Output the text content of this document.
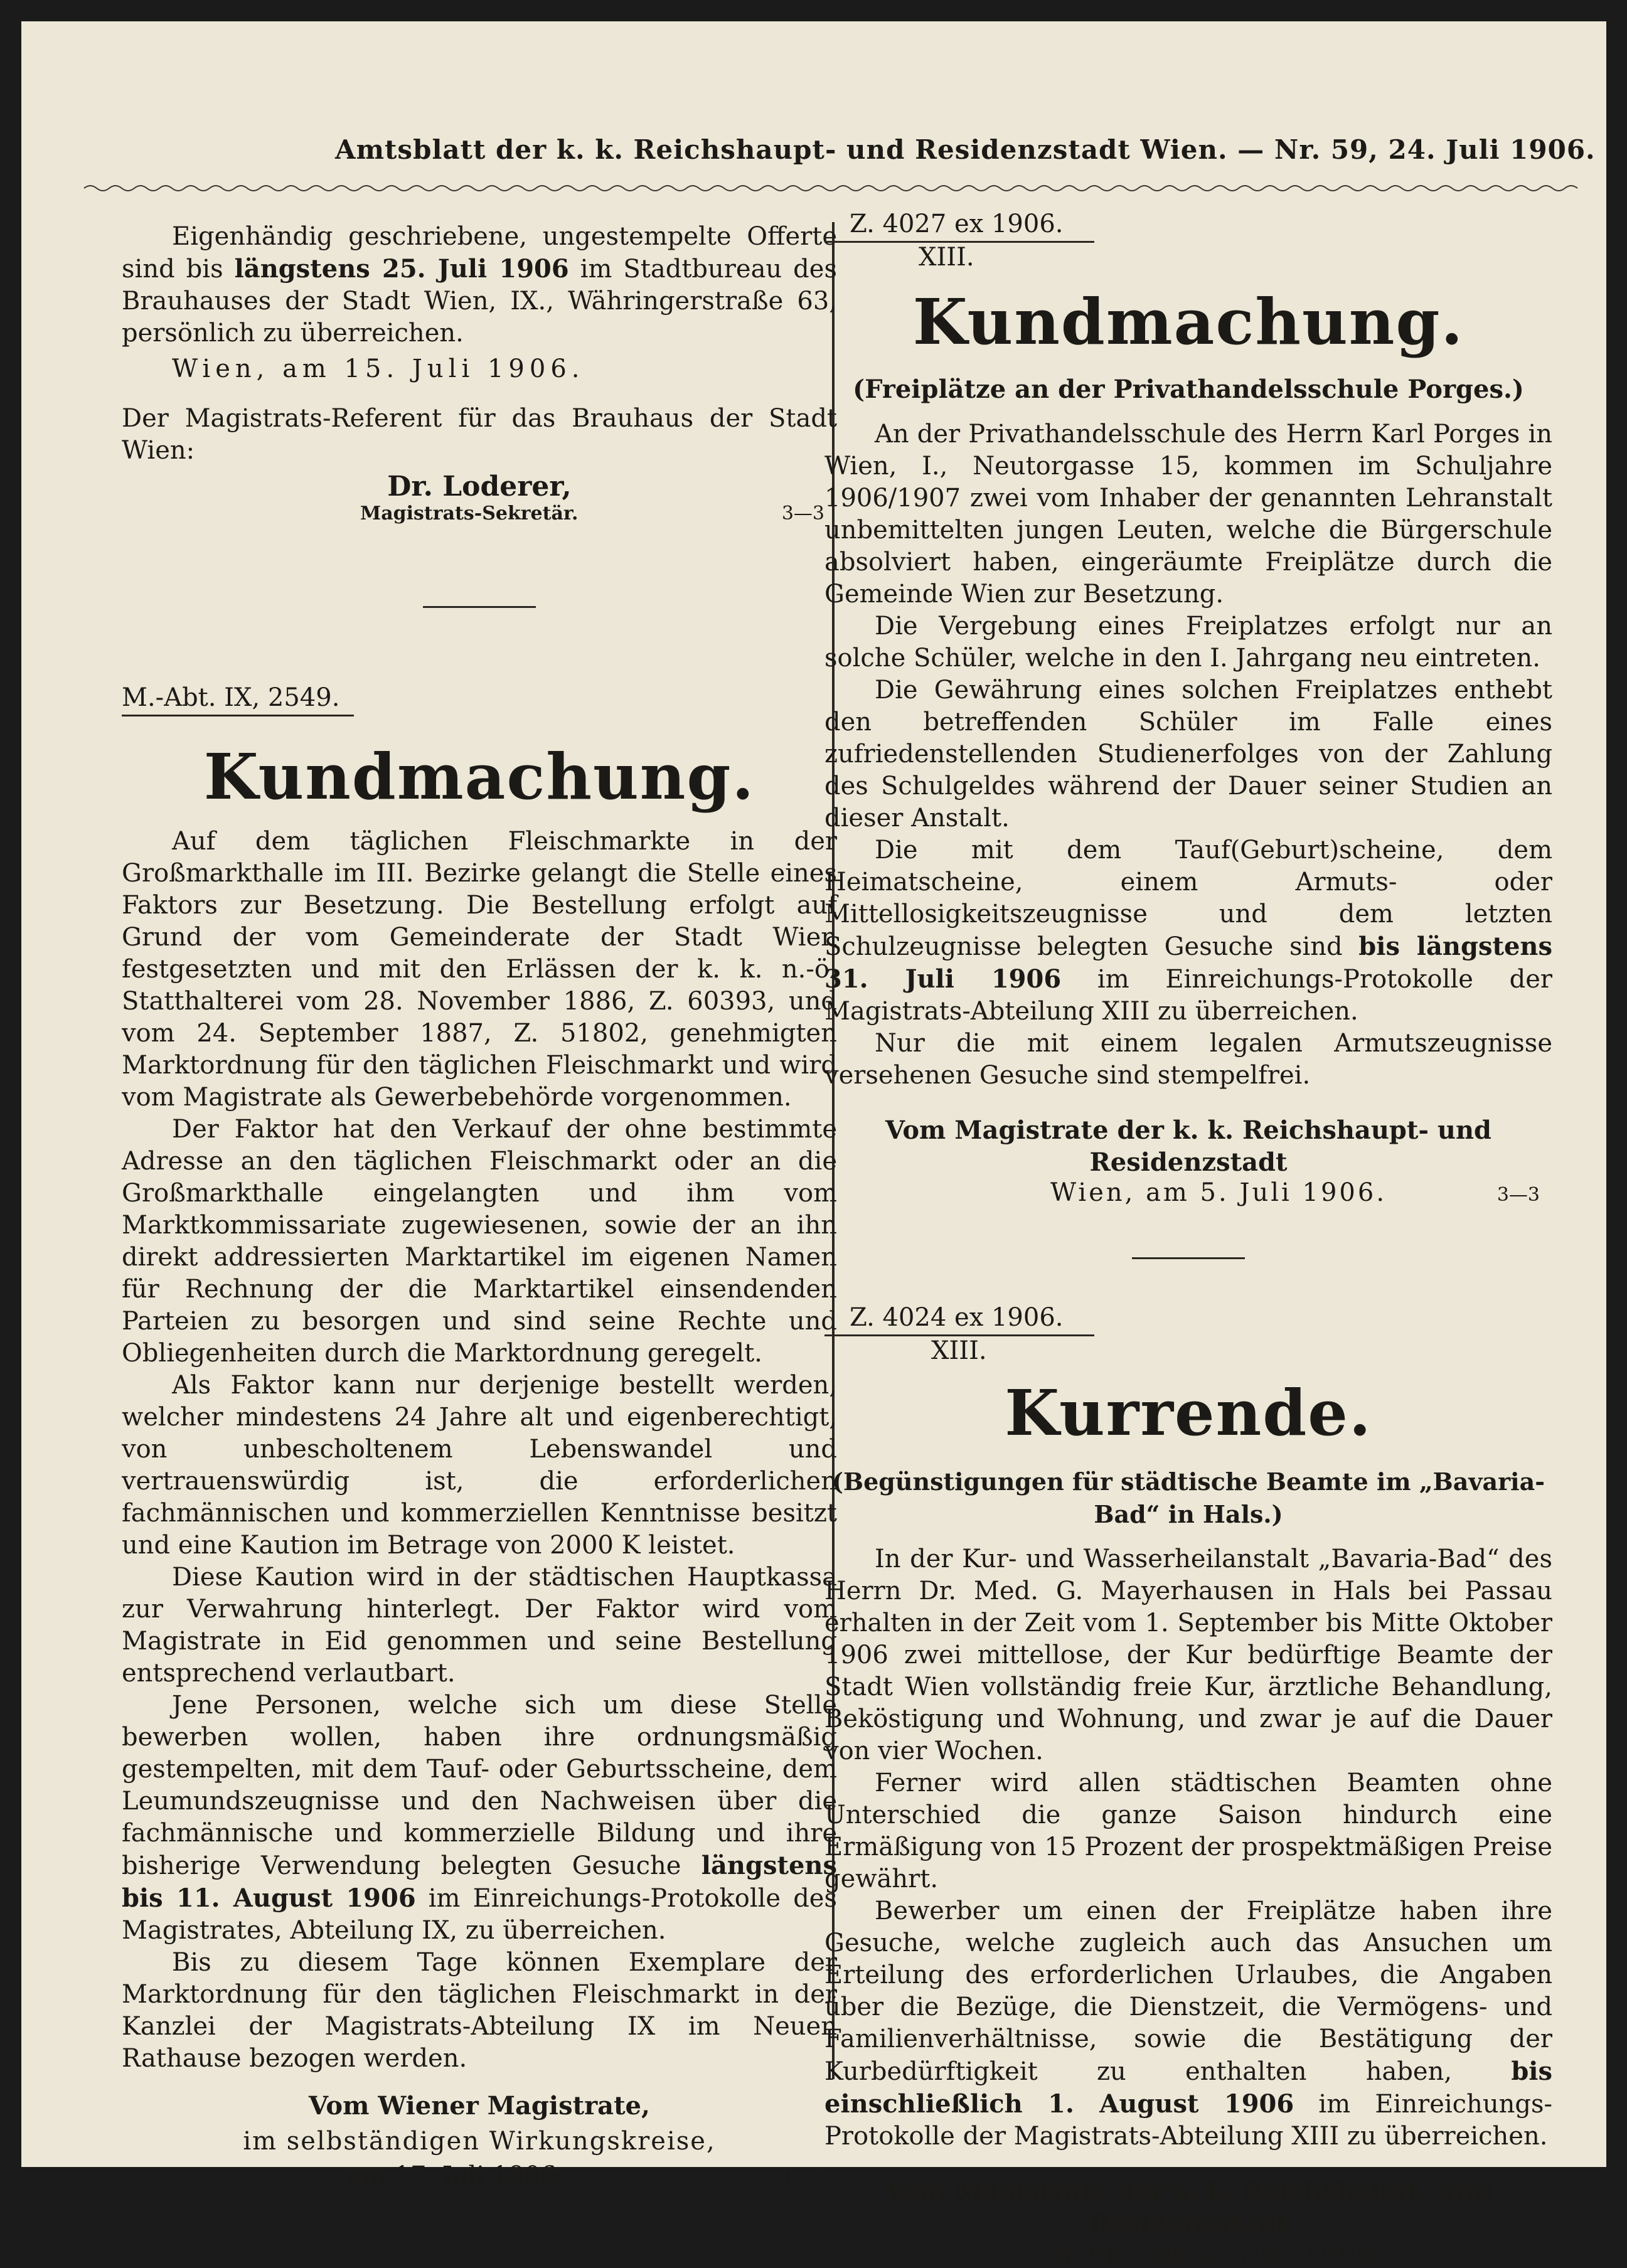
Amtsblatt der k. k. Reichshaupt- und Residenzstadt Wien. — Nr. 59, 24. Juli 1906.

Eigenhändig geschriebene, ungestempelte Offerte sind bis längstens 25. Juli 1906 im Stadtbureau des Brauhauses der Stadt Wien, IX., Währingerstraße 63, persönlich zu überreichen.

Wien, am 15. Juli 1906.

Der Magistrats-Referent für das Brauhaus der Stadt Wien:

Dr. Loderer,

Magistrats-Sekretär.	3—3
M.-Abt. IX, 2549.
Kundmachung.

Auf dem täglichen Fleischmarkte in der Großmarkthalle im III. Bezirke gelangt die Stelle eines Faktors zur Besetzung. Die Bestellung erfolgt auf Grund der vom Gemeinderate der Stadt Wien festgesetzten und mit den Erlässen der k. k. n.-ö. Statthalterei vom 28. November 1886, Z. 60393, und vom 24. September 1887, Z. 51802, genehmigten Marktordnung für den täglichen Fleischmarkt und wird vom Magistrate als Gewerbebehörde vorgenommen.

Der Faktor hat den Verkauf der ohne bestimmte Adresse an den täglichen Fleischmarkt oder an die Großmarkthalle eingelangten und ihm vom Marktkommissariate zugewiesenen, sowie der an ihn direkt addressierten Marktartikel im eigenen Namen für Rechnung der die Marktartikel einsendenden Parteien zu besorgen und sind seine Rechte und Obliegenheiten durch die Marktordnung geregelt.

Als Faktor kann nur derjenige bestellt werden, welcher mindestens 24 Jahre alt und eigenberechtigt, von unbescholtenem Lebenswandel und vertrauenswürdig ist, die erforderlichen fachmännischen und kommerziellen Kenntnisse besitzt und eine Kaution im Betrage von 2000 K leistet.

Diese Kaution wird in der städtischen Hauptkassa zur Verwahrung hinterlegt. Der Faktor wird vom Magistrate in Eid genommen und seine Bestellung entsprechend verlautbart.

Jene Personen, welche sich um diese Stelle bewerben wollen, haben ihre ordnungsmäßig gestempelten, mit dem Tauf- oder Geburtsscheine, dem Leumundszeugnisse und den Nachweisen über die fachmännische und kommerzielle Bildung und ihre bisherige Verwendung belegten Gesuche längstens bis 11. August 1906 im Einreichungs-Protokolle des Magistrates, Abteilung IX, zu überreichen.

Bis zu diesem Tage können Exemplare der Marktordnung für den täglichen Fleischmarkt in der Kanzlei der Magistrats-Abteilung IX im Neuen Rathause bezogen werden.

Vom Wiener Magistrate,

im selbständigen Wirkungskreise,

am 17. Juli 1906.	1—3
Z. 4027 ex 1906.
XIII.
Kundmachung.
(Freiplätze an der Privathandelsschule Porges.)

An der Privathandelsschule des Herrn Karl Porges in Wien, I., Neutorgasse 15, kommen im Schuljahre 1906/1907 zwei vom Inhaber der genannten Lehranstalt unbemittelten jungen Leuten, welche die Bürgerschule absolviert haben, eingeräumte Freiplätze durch die Gemeinde Wien zur Besetzung.

Die Vergebung eines Freiplatzes erfolgt nur an solche Schüler, welche in den I. Jahrgang neu eintreten.

Die Gewährung eines solchen Freiplatzes enthebt den betreffenden Schüler im Falle eines zufriedenstellenden Studienerfolges von der Zahlung des Schulgeldes während der Dauer seiner Studien an dieser Anstalt.

Die mit dem Tauf(Geburt)scheine, dem Heimatscheine, einem Armuts- oder Mittellosigkeitszeugnisse und dem letzten Schulzeugnisse belegten Gesuche sind bis längstens 31. Juli 1906 im Einreichungs-Protokolle der Magistrats-Abteilung XIII zu überreichen.

Nur die mit einem legalen Armutszeugnisse versehenen Gesuche sind stempelfrei.

Vom Magistrate der k. k. Reichshaupt- und Residenzstadt

Wien, am 5. Juli 1906.	3—3
Z. 4024 ex 1906.
XIII.
Kurrende.
(Begünstigungen für städtische Beamte im „Bavaria-Bad“ in Hals.)

In der Kur- und Wasserheilanstalt „Bavaria-Bad“ des Herrn Dr. Med. G. Mayerhausen in Hals bei Passau erhalten in der Zeit vom 1. September bis Mitte Oktober 1906 zwei mittellose, der Kur bedürftige Beamte der Stadt Wien vollständig freie Kur, ärztliche Behandlung, Beköstigung und Wohnung, und zwar je auf die Dauer von vier Wochen.

Ferner wird allen städtischen Beamten ohne Unterschied die ganze Saison hindurch eine Ermäßigung von 15 Prozent der prospektmäßigen Preise gewährt.

Bewerber um einen der Freiplätze haben ihre Gesuche, welche zugleich auch das Ansuchen um Erteilung des erforderlichen Urlaubes, die Angaben über die Bezüge, die Dienstzeit, die Vermögens- und Familienverhältnisse, sowie die Bestätigung der Kurbedürftigkeit zu enthalten haben, bis einschließlich 1. August 1906 im Einreichungs-Protokolle der Magistrats-Abteilung XIII zu überreichen.

Vom Magistrate der k. k. Reichshaupt- und Residenzstadt

Wien, am 5. Juli 1906.	2—3
